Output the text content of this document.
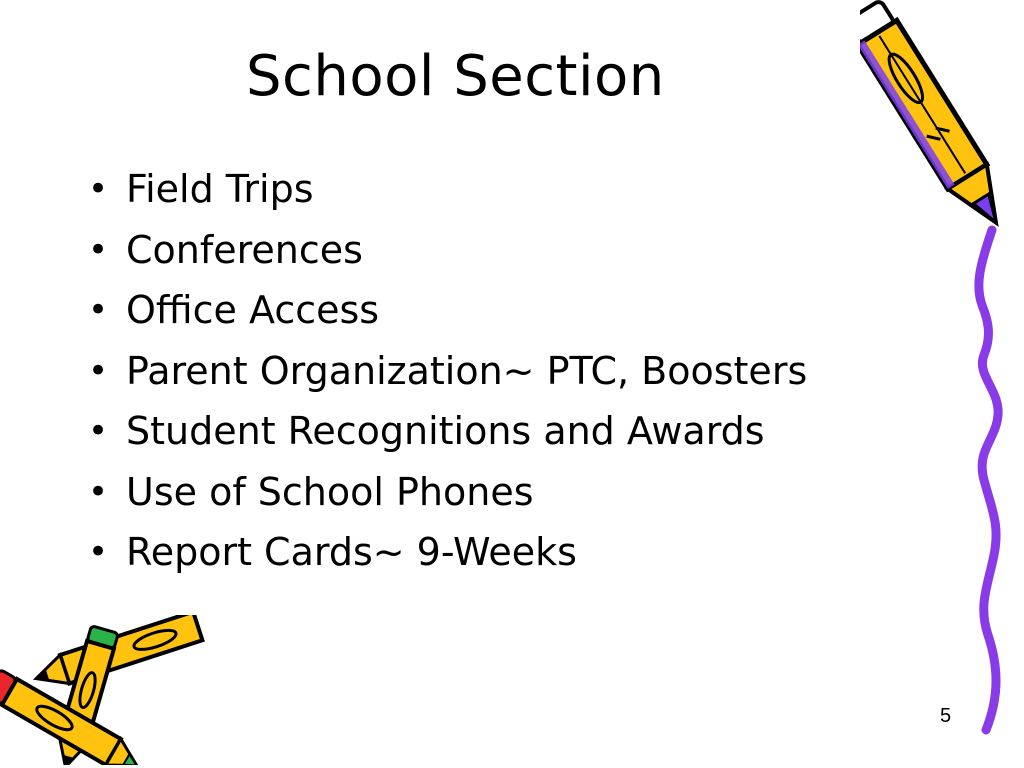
School Section
• Field Trips
• Conferences
• Office Access
• Parent Organization~ PTC, Boosters
• Student Recognitions and Awards
• Use of School Phones
• Report Cards~ 9-Weeks
5
